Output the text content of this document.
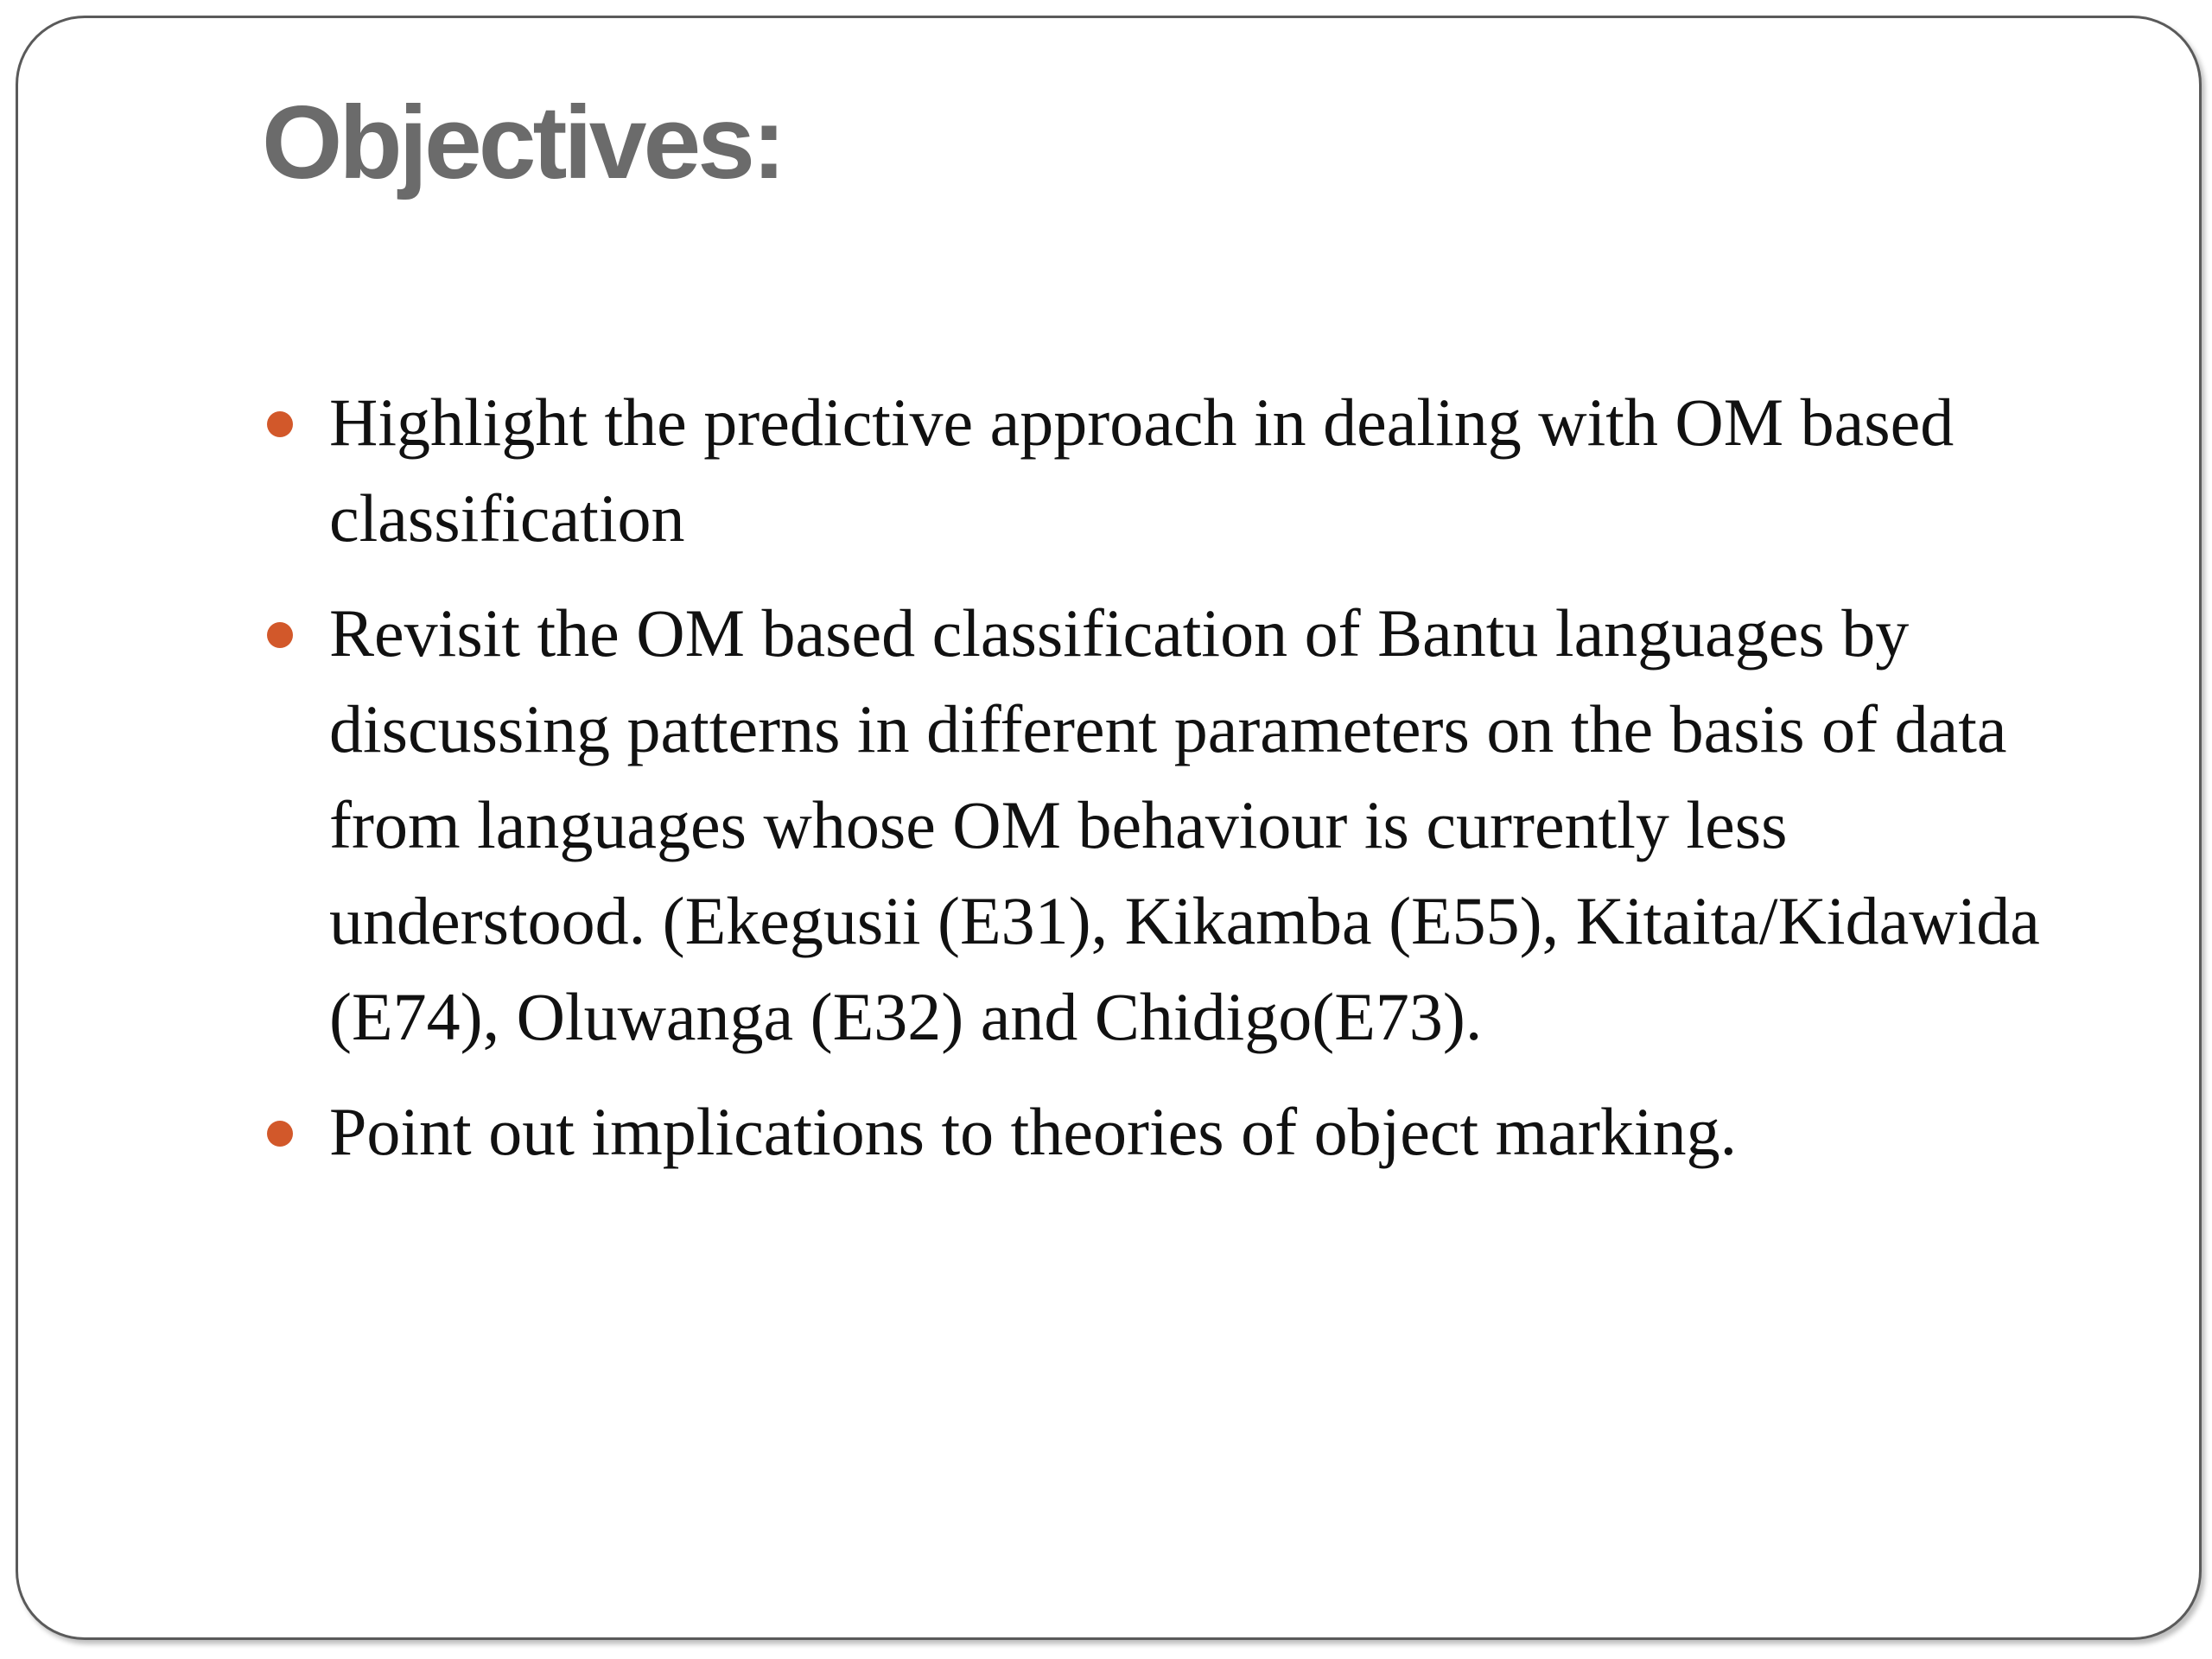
Objectives:
Highlight the predictive approach in dealing with OM based classification
Revisit the OM based classification of Bantu languages by discussing patterns in different parameters on the basis of data from languages whose OM behaviour is currently less understood. (Ekegusii (E31), Kikamba (E55), Kitaita/Kidawida (E74), Oluwanga (E32) and Chidigo(E73).
Point out implications to theories of object marking.
